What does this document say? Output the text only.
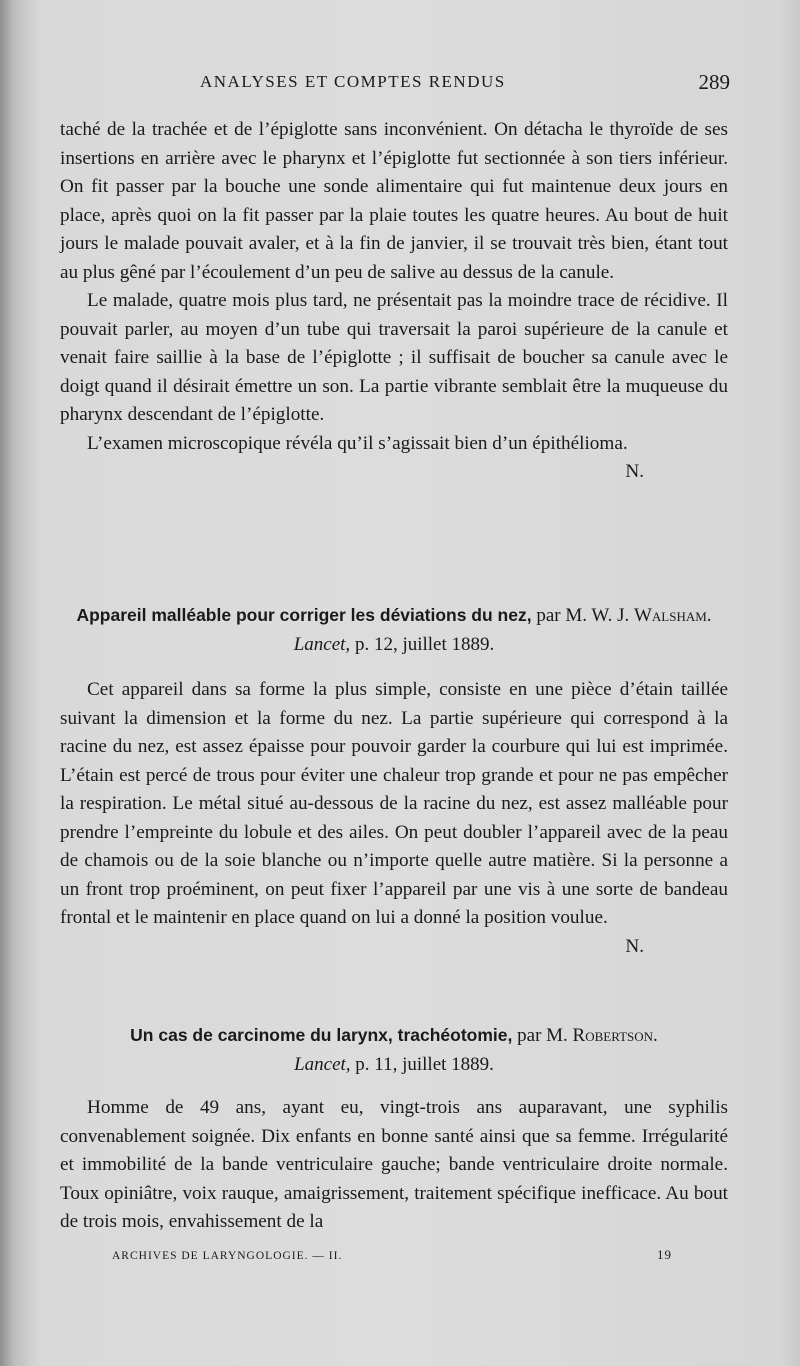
ANALYSES ET COMPTES RENDUS	289

taché de la trachée et de l’épiglotte sans inconvénient. On détacha le thyroïde de ses insertions en arrière avec le pharynx et l’épiglotte fut sectionnée à son tiers inférieur. On fit passer par la bouche une sonde alimentaire qui fut maintenue deux jours en place, après quoi on la fit passer par la plaie toutes les quatre heures. Au bout de huit jours le malade pouvait avaler, et à la fin de janvier, il se trouvait très bien, étant tout au plus gêné par l’écoulement d’un peu de salive au dessus de la canule.

Le malade, quatre mois plus tard, ne présentait pas la moindre trace de récidive. Il pouvait parler, au moyen d’un tube qui traversait la paroi supérieure de la canule et venait faire saillie à la base de l’épiglotte ; il suffisait de boucher sa canule avec le doigt quand il désirait émettre un son. La partie vibrante semblait être la muqueuse du pharynx descendant de l’épiglotte.

L’examen microscopique révéla qu’il s’agissait bien d’un épithélioma.
N.

Appareil malléable pour corriger les déviations du nez, par M. W. J. Walsham. Lancet, p. 12, juillet 1889.

Cet appareil dans sa forme la plus simple, consiste en une pièce d’étain taillée suivant la dimension et la forme du nez. La partie supérieure qui correspond à la racine du nez, est assez épaisse pour pouvoir garder la courbure qui lui est imprimée. L’étain est percé de trous pour éviter une chaleur trop grande et pour ne pas empêcher la respiration. Le métal situé au-dessous de la racine du nez, est assez malléable pour prendre l’empreinte du lobule et des ailes. On peut doubler l’appareil avec de la peau de chamois ou de la soie blanche ou n’importe quelle autre matière. Si la personne a un front trop proéminent, on peut fixer l’appareil par une vis à une sorte de bandeau frontal et le maintenir en place quand on lui a donné la position voulue.
N.

Un cas de carcinome du larynx, trachéotomie, par M. Robertson.
Lancet, p. 11, juillet 1889.

Homme de 49 ans, ayant eu, vingt-trois ans auparavant, une syphilis convenablement soignée. Dix enfants en bonne santé ainsi que sa femme. Irrégularité et immobilité de la bande ventriculaire gauche; bande ventriculaire droite normale. Toux opiniâtre, voix rauque, amaigrissement, traitement spécifique inefficace. Au bout de trois mois, envahissement de la

ARCHIVES DE LARYNGOLOGIE. — II.	19
